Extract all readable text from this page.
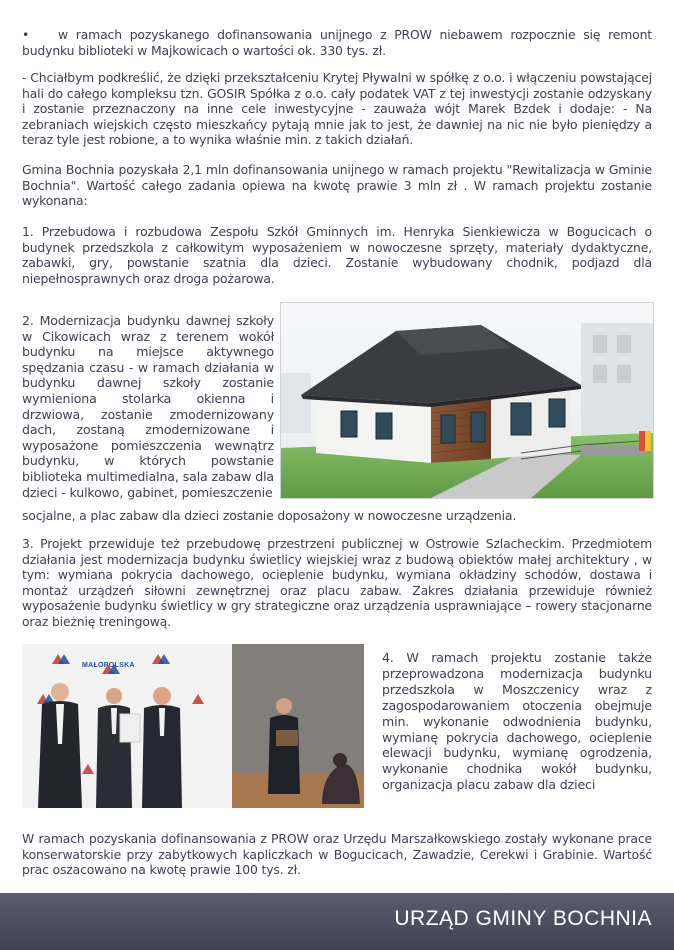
• w ramach pozyskanego dofinansowania unijnego z PROW niebawem rozpocznie się remont budynku biblioteki w Majkowicach o wartości ok. 330 tys. zł.
- Chciałbym podkreślić, że dzięki przekształceniu Krytej Pływalni w spółkę z o.o. i włączeniu powstającej hali do całego kompleksu tzn. GOSIR Spółka z o.o. cały podatek VAT z tej inwestycji zostanie odzyskany i zostanie przeznaczony na inne cele inwestycyjne - zauważa wójt Marek Bzdek i dodaje: - Na zebraniach wiejskich często mieszkańcy pytają mnie jak to jest, że dawniej na nic nie było pieniędzy a teraz tyle jest robione, a to wynika właśnie min. z takich działań.
Gmina Bochnia pozyskała 2,1 mln dofinansowania unijnego w ramach projektu "Rewitalizacja w Gminie Bochnia". Wartość całego zadania opiewa na kwotę prawie 3 mln zł . W ramach projektu zostanie wykonana:
1. Przebudowa i rozbudowa Zespołu Szkół Gminnych im. Henryka Sienkiewicza w Bogucicach o budynek przedszkola z całkowitym wyposażeniem w nowoczesne sprzęty, materiały dydaktyczne, zabawki, gry, powstanie szatnia dla dzieci. Zostanie wybudowany chodnik, podjazd dla niepełnosprawnych oraz droga pożarowa.
2. Modernizacja budynku dawnej szkoły w Cikowicach wraz z terenem wokół budynku na miejsce aktywnego spędzania czasu - w ramach działania w budynku dawnej szkoły zostanie wymieniona stolarka okienna i drzwiowa, zostanie zmodernizowany dach, zostaną zmodernizowane i wyposażone pomieszczenia wewnątrz budynku, w których powstanie biblioteka multimedialna, sala zabaw dla dzieci - kulkowo, gabinet, pomieszczenie
socjalne, a plac zabaw dla dzieci zostanie doposażony w nowoczesne urządzenia.
3. Projekt przewiduje też przebudowę przestrzeni publicznej w Ostrowie Szlacheckim. Przedmiotem działania jest modernizacja budynku świetlicy wiejskiej wraz z budową obiektów małej architektury , w tym: wymiana pokrycia dachowego, ocieplenie budynku, wymiana okładziny schodów, dostawa i montaż urządzeń siłowni zewnętrznej oraz placu zabaw. Zakres działania przewiduje również wyposażenie budynku świetlicy w gry strategiczne oraz urządzenia usprawniające – rowery stacjonarne oraz bieżnię treningową.
MAŁOPOLSKA
4. W ramach projektu zostanie także przeprowadzona modernizacja budynku przedszkola w Moszczenicy wraz z zagospodarowaniem otoczenia obejmuje min. wykonanie odwodnienia budynku, wymianę pokrycia dachowego, ocieplenie elewacji budynku, wymianę ogrodzenia, wykonanie chodnika wokół budynku, organizacja placu zabaw dla dzieci
W ramach pozyskania dofinansowania z PROW oraz Urzędu Marszałkowskiego zostały wykonane prace konserwatorskie przy zabytkowych kapliczkach w Bogucicach, Zawadzie, Cerekwi i Grabinie. Wartość prac oszacowano na kwotę prawie 100 tys. zł.
URZĄD GMINY BOCHNIA
